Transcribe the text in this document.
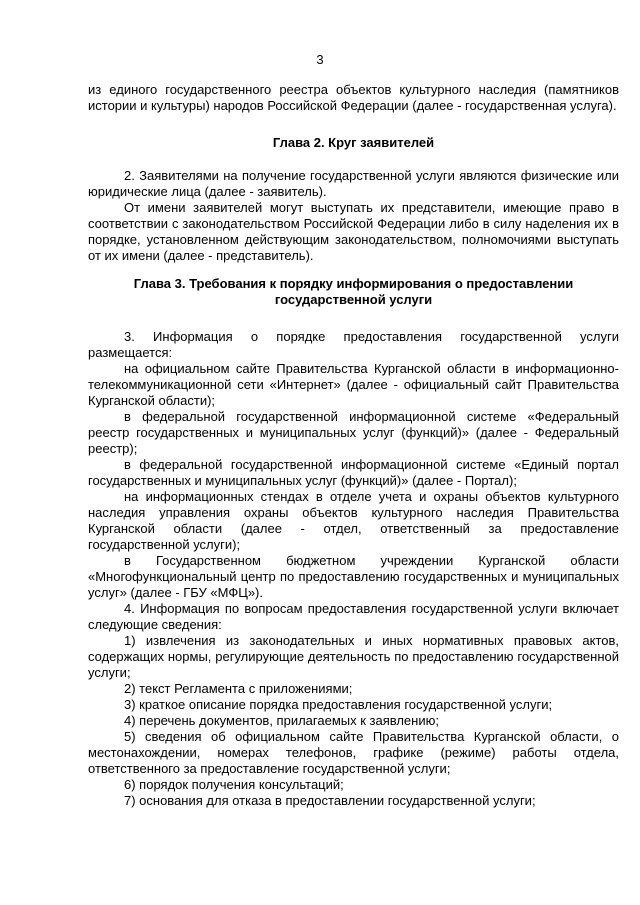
3

из единого государственного реестра объектов культурного наследия (памятников истории и культуры) народов Российской Федерации (далее - государственная услуга).

Глава 2. Круг заявителей

2. Заявителями на получение государственной услуги являются физические или юридические лица (далее - заявитель).

От имени заявителей могут выступать их представители, имеющие право в соответствии с законодательством Российской Федерации либо в силу наделения их в порядке, установленном действующим законодательством, полномочиями выступать от их имени (далее - представитель).

Глава 3. Требования к порядку информирования о предоставлении
государственной услуги

3. Информация о порядке предоставления государственной услуги размещается:

на официальном сайте Правительства Курганской области в информационно-телекоммуникационной сети «Интернет» (далее - официальный сайт Правительства Курганской области);

в федеральной государственной информационной системе «Федеральный реестр государственных и муниципальных услуг (функций)» (далее - Федеральный реестр);

в федеральной государственной информационной системе «Единый портал государственных и муниципальных услуг (функций)» (далее - Портал);

на информационных стендах в отделе учета и охраны объектов культурного наследия управления охраны объектов культурного наследия Правительства Курганской области (далее - отдел, ответственный за предоставление государственной услуги);

в Государственном бюджетном учреждении Курганской области «Многофункциональный центр по предоставлению государственных и муниципальных услуг» (далее - ГБУ «МФЦ»).

4. Информация по вопросам предоставления государственной услуги включает следующие сведения:

1) извлечения из законодательных и иных нормативных правовых актов, содержащих нормы, регулирующие деятельность по предоставлению государственной услуги;

2) текст Регламента с приложениями;

3) краткое описание порядка предоставления государственной услуги;

4) перечень документов, прилагаемых к заявлению;

5) сведения об официальном сайте Правительства Курганской области, о местонахождении, номерах телефонов, графике (режиме) работы отдела, ответственного за предоставление государственной услуги;

6) порядок получения консультаций;

7) основания для отказа в предоставлении государственной услуги;
